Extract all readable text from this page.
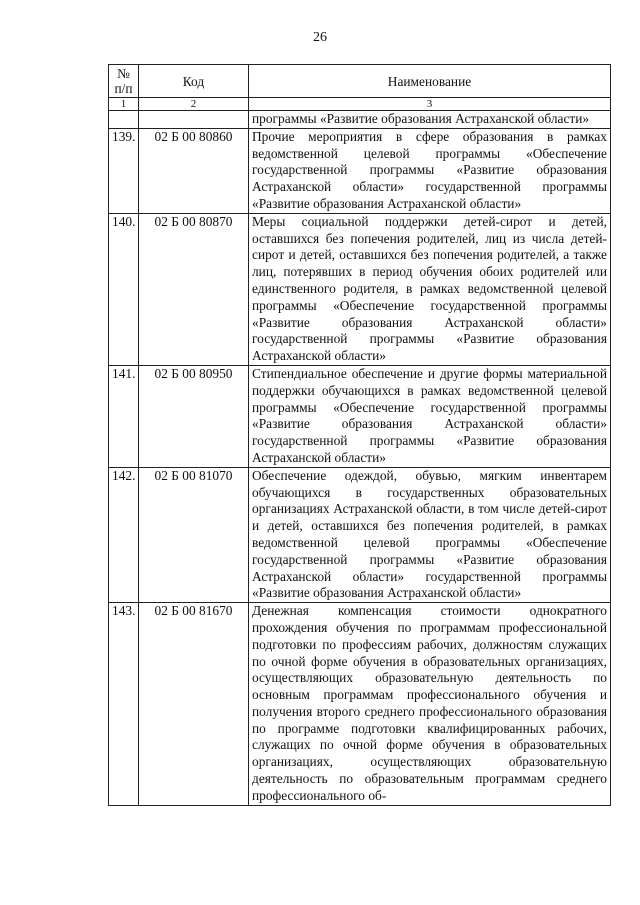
26
№ п/п	Код	Наименование
1	2	3
		программы «Развитие образования Астраханской области»
139.	02 Б 00 80860	Прочие мероприятия в сфере образования в рамках ведомственной целевой программы «Обеспечение государственной программы «Развитие образования Астраханской области» государственной программы «Развитие образования Астраханской области»
140.	02 Б 00 80870	Меры социальной поддержки детей-сирот и детей, оставшихся без попечения родителей, лиц из числа детей-сирот и детей, оставшихся без попечения родителей, а также лиц, потерявших в период обучения обоих родителей или единственного родителя, в рамках ведомственной целевой программы «Обеспечение государственной программы «Развитие образования Астраханской области» государственной программы «Развитие образования Астраханской области»
141.	02 Б 00 80950	Стипендиальное обеспечение и другие формы материальной поддержки обучающихся в рамках ведомственной целевой программы «Обеспечение государственной программы «Развитие образования Астраханской области» государственной программы «Развитие образования Астраханской области»
142.	02 Б 00 81070	Обеспечение одеждой, обувью, мягким инвентарем обучающихся в государственных образовательных организациях Астраханской области, в том числе детей-сирот и детей, оставшихся без попечения родителей, в рамках ведомственной целевой программы «Обеспечение государственной программы «Развитие образования Астраханской области» государственной программы «Развитие образования Астраханской области»
143.	02 Б 00 81670	Денежная компенсация стоимости однократного прохождения обучения по программам профессиональной подготовки по профессиям рабочих, должностям служащих по очной форме обучения в образовательных организациях, осуществляющих образовательную деятельность по основным программам профессионального обучения и получения второго среднего профессионального образования по программе подготовки квалифицированных рабочих, служащих по очной форме обучения в образовательных организациях, осуществляющих образовательную деятельность по образовательным программам среднего профессионального об-
